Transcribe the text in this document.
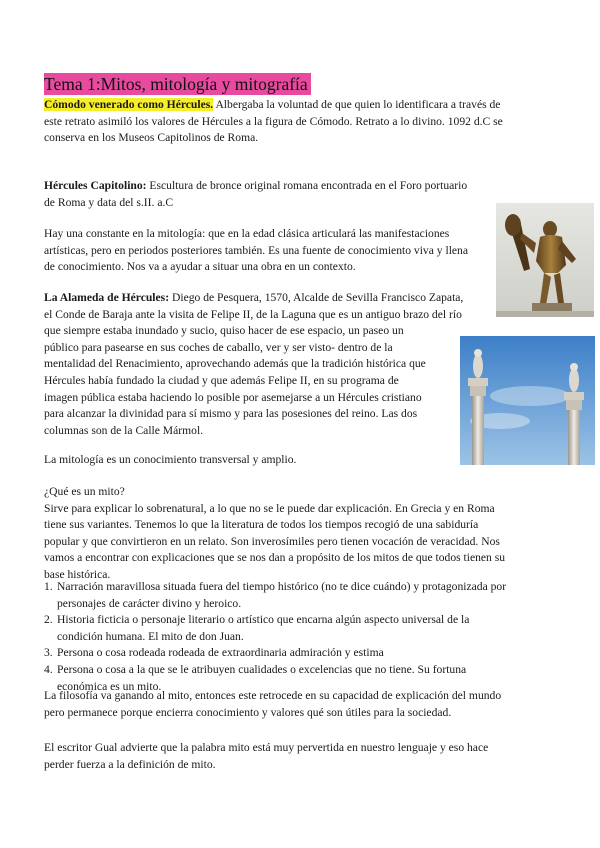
Tema 1:Mitos, mitología y mitografía
Cómodo venerado como Hércules. Albergaba la voluntad de que quien lo identificara a través de
este retrato asimiló los valores de Hércules a la figura de Cómodo. Retrato a lo divino. 1092 d.C se
conserva en los Museos Capitolinos de Roma.
Hércules Capitolino: Escultura de bronce original romana encontrada en el Foro portuario
de Roma y data del s.II. a.C
Hay una constante en la mitología: que en la edad clásica articulará las manifestaciones
artísticas, pero en periodos posteriores también. Es una fuente de conocimiento viva y llena
de conocimiento. Nos va a ayudar a situar una obra en un contexto.
La Alameda de Hércules: Diego de Pesquera, 1570, Alcalde de Sevilla Francisco Zapata,
el Conde de Baraja ante la visita de Felipe II, de la Laguna que es un antiguo brazo del río
que siempre estaba inundado y sucio, quiso hacer de ese espacio, un paseo un
público para pasearse en sus coches de caballo, ver y ser visto- dentro de la
mentalidad del Renacimiento, aprovechando además que la tradición histórica que
Hércules había fundado la ciudad y que además Felipe II, en su programa de
imagen pública estaba haciendo lo posible por asemejarse a un Hércules cristiano
para alcanzar la divinidad para sí mismo y para las posesiones del reino. Las dos
columnas son de la Calle Mármol.
La mitología es un conocimiento transversal y amplio.
¿Qué es un mito?
Sirve para explicar lo sobrenatural, a lo que no se le puede dar explicación. En Grecia y en Roma
tiene sus variantes. Tenemos lo que la literatura de todos los tiempos recogió de una sabiduría
popular y que convirtieron en un relato. Son inverosímiles pero tienen vocación de veracidad. Nos
vamos a encontrar con explicaciones que se nos dan a propósito de los mitos de que todos tienen su
base histórica.
1. Narración maravillosa situada fuera del tiempo histórico (no te dice cuándo) y protagonizada por
personajes de carácter divino y heroico.
2. Historia ficticia o personaje literario o artístico que encarna algún aspecto universal de la
condición humana. El mito de don Juan.
3. Persona o cosa rodeada rodeada de extraordinaria admiración y estima
4. Persona o cosa a la que se le atribuyen cualidades o excelencias que no tiene. Su fortuna
económica es un mito.
La filosofía va ganando al mito, entonces este retrocede en su capacidad de explicación del mundo
pero permanece porque encierra conocimiento y valores qué son útiles para la sociedad.
El escritor Gual advierte que la palabra mito está muy pervertida en nuestro lenguaje y eso hace
perder fuerza a la definición de mito.
